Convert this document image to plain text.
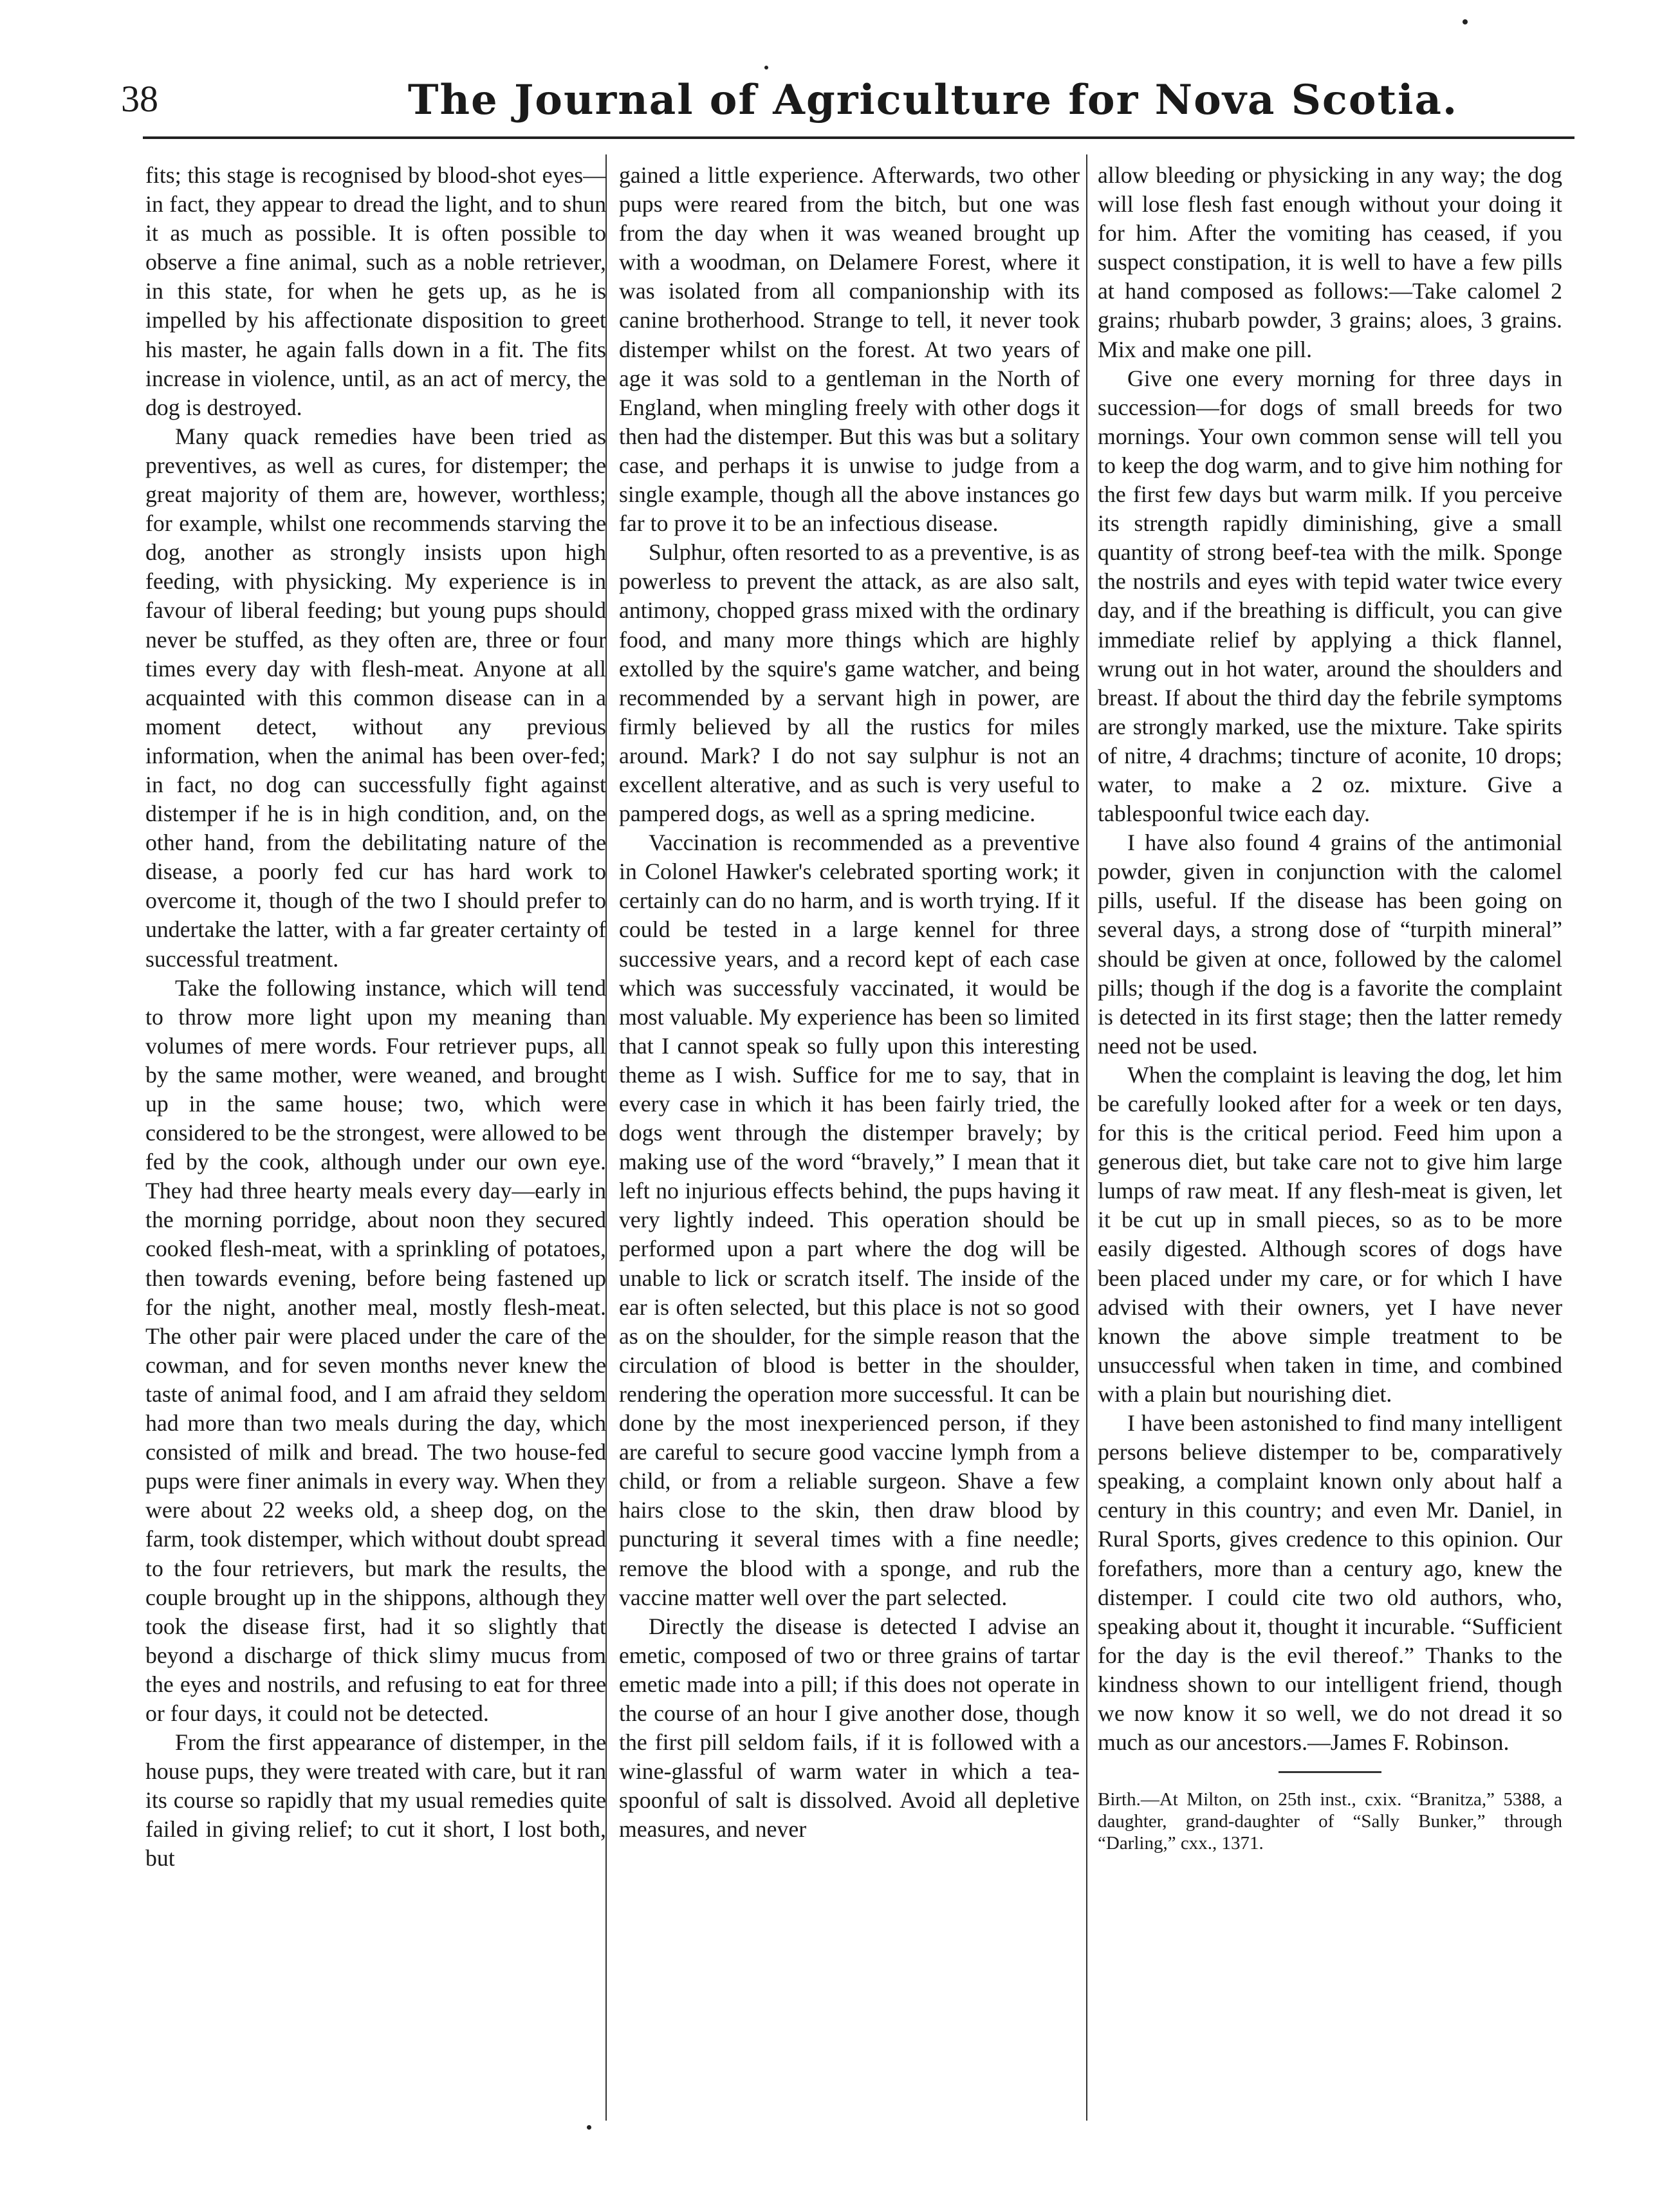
38	The Journal of Agriculture for Nova Scotia.

fits; this stage is recognised by blood-shot eyes—in fact, they appear to dread the light, and to shun it as much as possible. It is often possible to observe a fine animal, such as a noble retriever, in this state, for when he gets up, as he is impelled by his affectionate disposition to greet his master, he again falls down in a fit. The fits increase in violence, until, as an act of mercy, the dog is destroyed.

Many quack remedies have been tried as preventives, as well as cures, for distemper; the great majority of them are, however, worthless; for example, whilst one recommends starving the dog, another as strongly insists upon high feeding, with physicking. My experience is in favour of liberal feeding; but young pups should never be stuffed, as they often are, three or four times every day with flesh-meat. Anyone at all acquainted with this common disease can in a moment detect, without any previous information, when the animal has been over-fed; in fact, no dog can successfully fight against distemper if he is in high condition, and, on the other hand, from the debilitating nature of the disease, a poorly fed cur has hard work to overcome it, though of the two I should prefer to undertake the latter, with a far greater certainty of successful treatment.

Take the following instance, which will tend to throw more light upon my meaning than volumes of mere words. Four retriever pups, all by the same mother, were weaned, and brought up in the same house; two, which were considered to be the strongest, were allowed to be fed by the cook, although under our own eye. They had three hearty meals every day—early in the morning porridge, about noon they secured cooked flesh-meat, with a sprinkling of potatoes, then towards evening, before being fastened up for the night, another meal, mostly flesh-meat. The other pair were placed under the care of the cowman, and for seven months never knew the taste of animal food, and I am afraid they seldom had more than two meals during the day, which consisted of milk and bread. The two house-fed pups were finer animals in every way. When they were about 22 weeks old, a sheep dog, on the farm, took distemper, which without doubt spread to the four retrievers, but mark the results, the couple brought up in the shippons, although they took the disease first, had it so slightly that beyond a discharge of thick slimy mucus from the eyes and nostrils, and refusing to eat for three or four days, it could not be detected.

From the first appearance of distemper, in the house pups, they were treated with care, but it ran its course so rapidly that my usual remedies quite failed in giving relief; to cut it short, I lost both, but

gained a little experience. Afterwards, two other pups were reared from the bitch, but one was from the day when it was weaned brought up with a woodman, on Delamere Forest, where it was isolated from all companionship with its canine brotherhood. Strange to tell, it never took distemper whilst on the forest. At two years of age it was sold to a gentleman in the North of England, when mingling freely with other dogs it then had the distemper. But this was but a solitary case, and perhaps it is unwise to judge from a single example, though all the above instances go far to prove it to be an infectious disease.

Sulphur, often resorted to as a preventive, is as powerless to prevent the attack, as are also salt, antimony, chopped grass mixed with the ordinary food, and many more things which are highly extolled by the squire's game watcher, and being recommended by a servant high in power, are firmly believed by all the rustics for miles around. Mark? I do not say sulphur is not an excellent alterative, and as such is very useful to pampered dogs, as well as a spring medicine.

Vaccination is recommended as a preventive in Colonel Hawker's celebrated sporting work; it certainly can do no harm, and is worth trying. If it could be tested in a large kennel for three successive years, and a record kept of each case which was successfuly vaccinated, it would be most valuable. My experience has been so limited that I cannot speak so fully upon this interesting theme as I wish. Suffice for me to say, that in every case in which it has been fairly tried, the dogs went through the distemper bravely; by making use of the word “bravely,” I mean that it left no injurious effects behind, the pups having it very lightly indeed. This operation should be performed upon a part where the dog will be unable to lick or scratch itself. The inside of the ear is often selected, but this place is not so good as on the shoulder, for the simple reason that the circulation of blood is better in the shoulder, rendering the operation more successful. It can be done by the most inexperienced person, if they are careful to secure good vaccine lymph from a child, or from a reliable surgeon. Shave a few hairs close to the skin, then draw blood by puncturing it several times with a fine needle; remove the blood with a sponge, and rub the vaccine matter well over the part selected.

Directly the disease is detected I advise an emetic, composed of two or three grains of tartar emetic made into a pill; if this does not operate in the course of an hour I give another dose, though the first pill seldom fails, if it is followed with a wine-glassful of warm water in which a tea-spoonful of salt is dissolved. Avoid all depletive measures, and never

allow bleeding or physicking in any way; the dog will lose flesh fast enough without your doing it for him. After the vomiting has ceased, if you suspect constipation, it is well to have a few pills at hand composed as follows:—Take calomel 2 grains; rhubarb powder, 3 grains; aloes, 3 grains. Mix and make one pill.

Give one every morning for three days in succession—for dogs of small breeds for two mornings. Your own common sense will tell you to keep the dog warm, and to give him nothing for the first few days but warm milk. If you perceive its strength rapidly diminishing, give a small quantity of strong beef-tea with the milk. Sponge the nostrils and eyes with tepid water twice every day, and if the breathing is difficult, you can give immediate relief by applying a thick flannel, wrung out in hot water, around the shoulders and breast. If about the third day the febrile symptoms are strongly marked, use the mixture. Take spirits of nitre, 4 drachms; tincture of aconite, 10 drops; water, to make a 2 oz. mixture. Give a tablespoonful twice each day.

I have also found 4 grains of the antimonial powder, given in conjunction with the calomel pills, useful. If the disease has been going on several days, a strong dose of “turpith mineral” should be given at once, followed by the calomel pills; though if the dog is a favorite the complaint is detected in its first stage; then the latter remedy need not be used.

When the complaint is leaving the dog, let him be carefully looked after for a week or ten days, for this is the critical period. Feed him upon a generous diet, but take care not to give him large lumps of raw meat. If any flesh-meat is given, let it be cut up in small pieces, so as to be more easily digested. Although scores of dogs have been placed under my care, or for which I have advised with their owners, yet I have never known the above simple treatment to be unsuccessful when taken in time, and combined with a plain but nourishing diet.

I have been astonished to find many intelligent persons believe distemper to be, comparatively speaking, a complaint known only about half a century in this country; and even Mr. Daniel, in Rural Sports, gives credence to this opinion. Our forefathers, more than a century ago, knew the distemper. I could cite two old authors, who, speaking about it, thought it incurable. “Sufficient for the day is the evil thereof.” Thanks to the kindness shown to our intelligent friend, though we now know it so well, we do not dread it so much as our ancestors.—James F. Robinson.

Birth.—At Milton, on 25th inst., cxix. “Branitza,” 5388, a daughter, grand-daughter of “Sally Bunker,” through “Darling,” cxx., 1371.
